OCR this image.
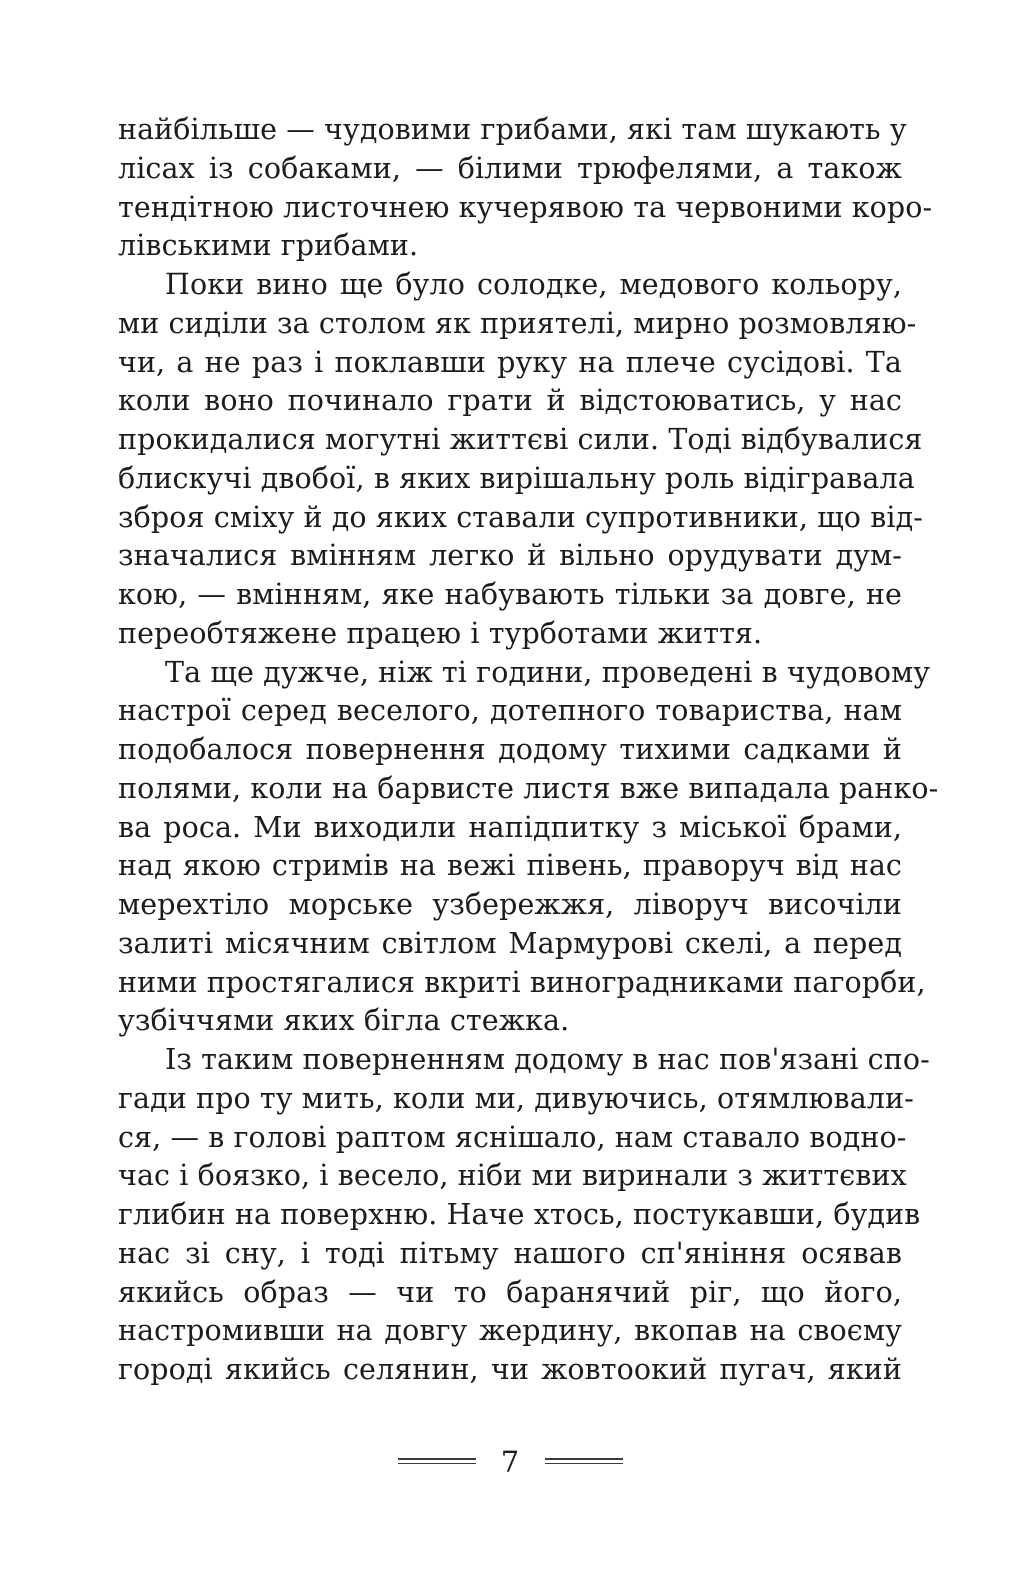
найбільше — чудовими грибами, які там шукають у
лісах із собаками, — білими трюфелями, а також
тендітною листочнею кучерявою та червоними коро-
лівськими грибами.
Поки вино ще було солодке, медового кольору,
ми сиділи за столом як приятелі, мирно розмовляю-
чи, а не раз і поклавши руку на плече сусідові. Та
коли воно починало грати й відстоюватись, у нас
прокидалися могутні життєві сили. Тоді відбувалися
блискучі двобої, в яких вирішальну роль відігравала
зброя сміху й до яких ставали супротивники, що від-
значалися вмінням легко й вільно орудувати дум-
кою, — вмінням, яке набувають тільки за довге, не
переобтяжене працею і турботами життя.
Та ще дужче, ніж ті години, проведені в чудовому
настрої серед веселого, дотепного товариства, нам
подобалося повернення додому тихими садками й
полями, коли на барвисте листя вже випадала ранко-
ва роса. Ми виходили напідпитку з міської брами,
над якою стримів на вежі півень, праворуч від нас
мерехтіло морське узбережжя, ліворуч височіли
залиті місячним світлом Мармурові скелі, а перед
ними простягалися вкриті виноградниками пагорби,
узбіччями яких бігла стежка.
Із таким поверненням додому в нас пов'язані спо-
гади про ту мить, коли ми, дивуючись, отямлювали-
ся, — в голові раптом яснішало, нам ставало водно-
час і боязко, і весело, ніби ми виринали з життєвих
глибин на поверхню. Наче хтось, постукавши, будив
нас зі сну, і тоді пітьму нашого сп'яніння осявав
якийсь образ — чи то баранячий ріг, що його,
настромивши на довгу жердину, вкопав на своєму
городі якийсь селянин, чи жовтоокий пугач, який
7
